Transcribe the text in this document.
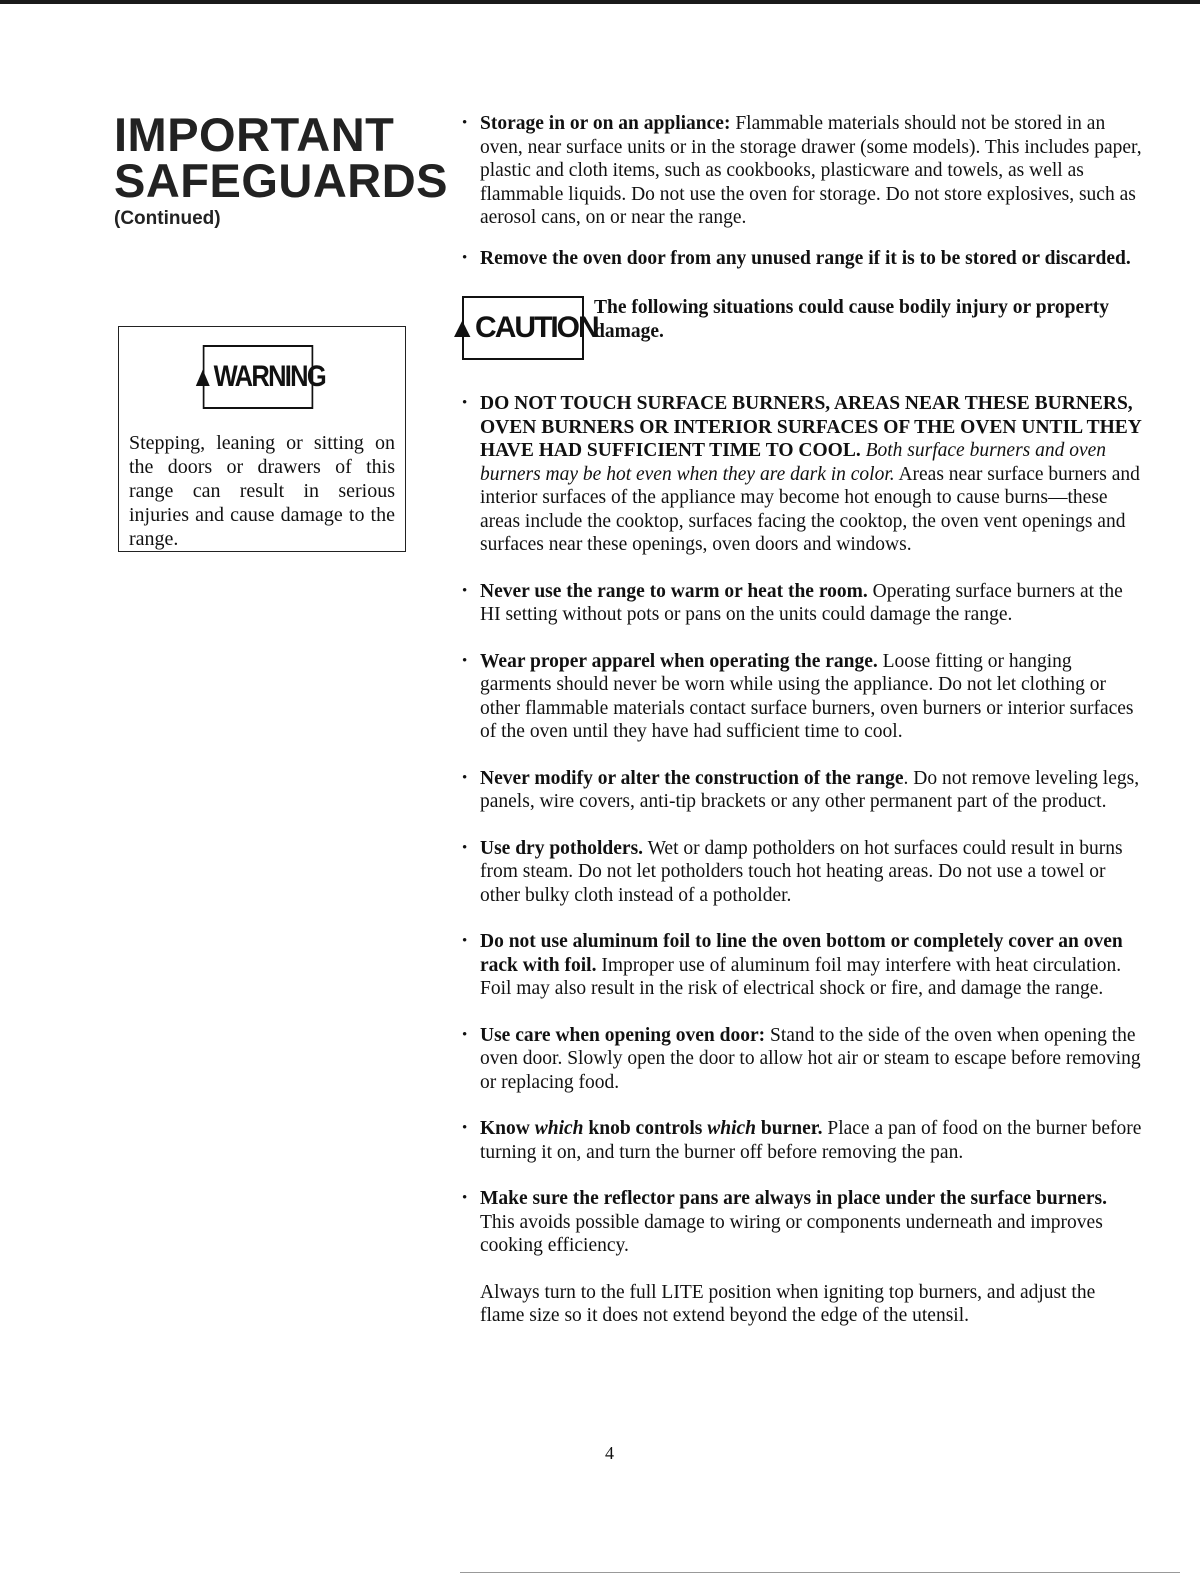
IMPORTANT
SAFEGUARDS
(Continued)
▲ WARNING
Stepping, leaning or sitting on the doors or drawers of this range can result in serious injuries and cause damage to the range.
• Storage in or on an appliance: Flammable materials should not be stored in an oven, near surface units or in the storage drawer (some models). This includes paper, plastic and cloth items, such as cookbooks, plasticware and towels, as well as flammable liquids. Do not use the oven for storage. Do not store explosives, such as aerosol cans, on or near the range.
• Remove the oven door from any unused range if it is to be stored or discarded.
▲ CAUTION
The following situations could cause bodily injury or property damage.
• DO NOT TOUCH SURFACE BURNERS, AREAS NEAR THESE BURNERS, OVEN BURNERS OR INTERIOR SURFACES OF THE OVEN UNTIL THEY HAVE HAD SUFFICIENT TIME TO COOL. Both surface burners and oven burners may be hot even when they are dark in color. Areas near surface burners and interior surfaces of the appliance may become hot enough to cause burns—these areas include the cooktop, surfaces facing the cooktop, the oven vent openings and surfaces near these openings, oven doors and windows.
• Never use the range to warm or heat the room. Operating surface burners at the HI setting without pots or pans on the units could damage the range.
• Wear proper apparel when operating the range. Loose fitting or hanging garments should never be worn while using the appliance. Do not let clothing or other flammable materials contact surface burners, oven burners or interior surfaces of the oven until they have had sufficient time to cool.
• Never modify or alter the construction of the range. Do not remove leveling legs, panels, wire covers, anti-tip brackets or any other permanent part of the product.
• Use dry potholders. Wet or damp potholders on hot surfaces could result in burns from steam. Do not let potholders touch hot heating areas. Do not use a towel or other bulky cloth instead of a potholder.
• Do not use aluminum foil to line the oven bottom or completely cover an oven rack with foil. Improper use of aluminum foil may interfere with heat circulation. Foil may also result in the risk of electrical shock or fire, and damage the range.
• Use care when opening oven door: Stand to the side of the oven when opening the oven door. Slowly open the door to allow hot air or steam to escape before removing or replacing food.
• Know which knob controls which burner. Place a pan of food on the burner before turning it on, and turn the burner off before removing the pan.
• Make sure the reflector pans are always in place under the surface burners. This avoids possible damage to wiring or components underneath and improves cooking efficiency.
Always turn to the full LITE position when igniting top burners, and adjust the flame size so it does not extend beyond the edge of the utensil.
4
